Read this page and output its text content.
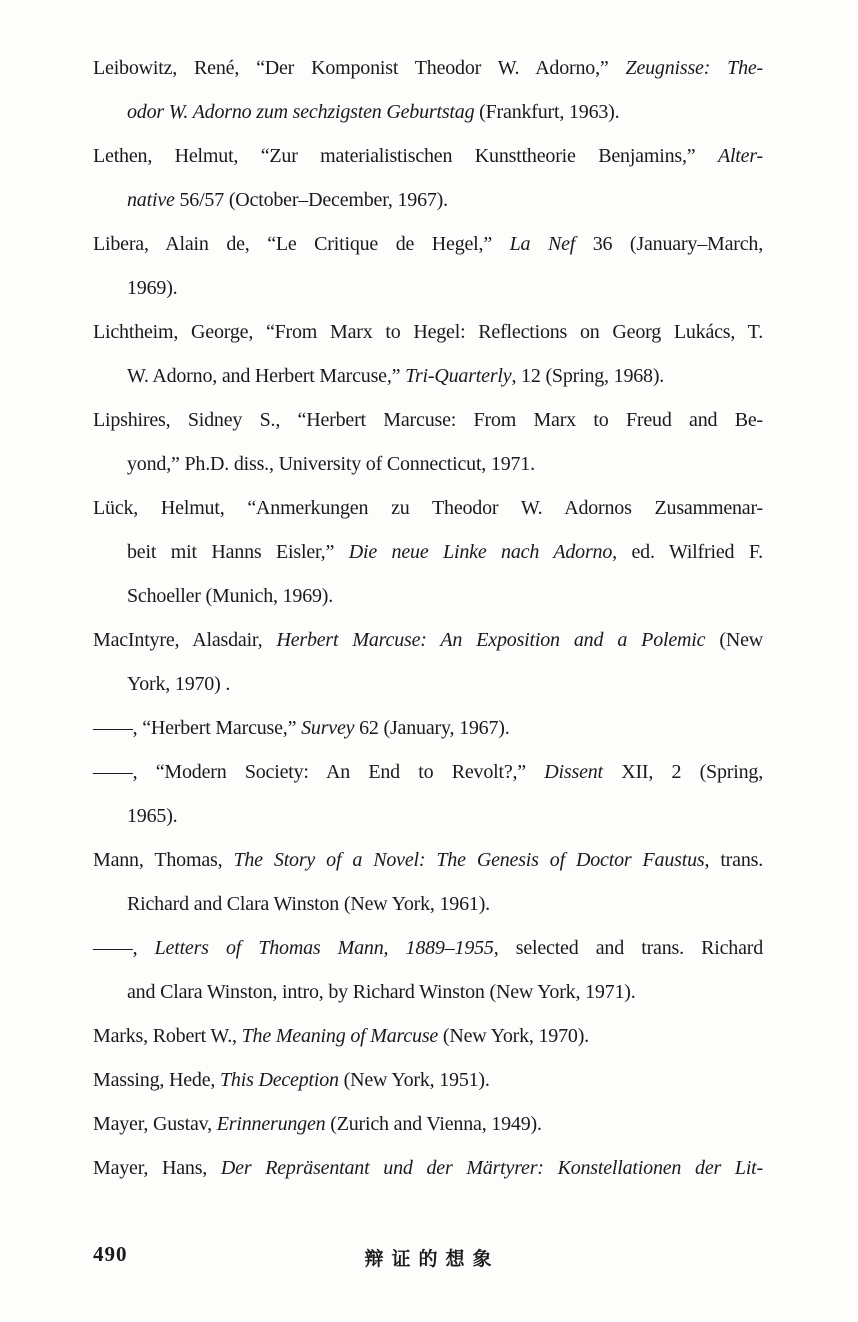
Leibowitz, René, “Der Komponist Theodor W. Adorno,” Zeugnisse: The-
odor W. Adorno zum sechzigsten Geburtstag (Frankfurt, 1963).
Lethen, Helmut, “Zur materialistischen Kunsttheorie Benjamins,” Alter-
native 56/57 (October–December, 1967).
Libera, Alain de, “Le Critique de Hegel,” La Nef 36 (January–March,
1969).
Lichtheim, George, “From Marx to Hegel: Reflections on Georg Lukács, T.
W. Adorno, and Herbert Marcuse,” Tri-Quarterly, 12 (Spring, 1968).
Lipshires, Sidney S., “Herbert Marcuse: From Marx to Freud and Be-
yond,” Ph.D. diss., University of Connecticut, 1971.
Lück, Helmut, “Anmerkungen zu Theodor W. Adornos Zusammenar-
beit mit Hanns Eisler,” Die neue Linke nach Adorno, ed. Wilfried F.
Schoeller (Munich, 1969).
MacIntyre, Alasdair, Herbert Marcuse: An Exposition and a Polemic (New
York, 1970) .
——, “Herbert Marcuse,” Survey 62 (January, 1967).
——, “Modern Society: An End to Revolt?,” Dissent XII, 2 (Spring,
1965).
Mann, Thomas, The Story of a Novel: The Genesis of Doctor Faustus, trans.
Richard and Clara Winston (New York, 1961).
——, Letters of Thomas Mann, 1889–1955, selected and trans. Richard
and Clara Winston, intro, by Richard Winston (New York, 1971).
Marks, Robert W., The Meaning of Marcuse (New York, 1970).
Massing, Hede, This Deception (New York, 1951).
Mayer, Gustav, Erinnerungen (Zurich and Vienna, 1949).
Mayer, Hans, Der Repräsentant und der Märtyrer: Konstellationen der Lit-
490	辩证的想象
